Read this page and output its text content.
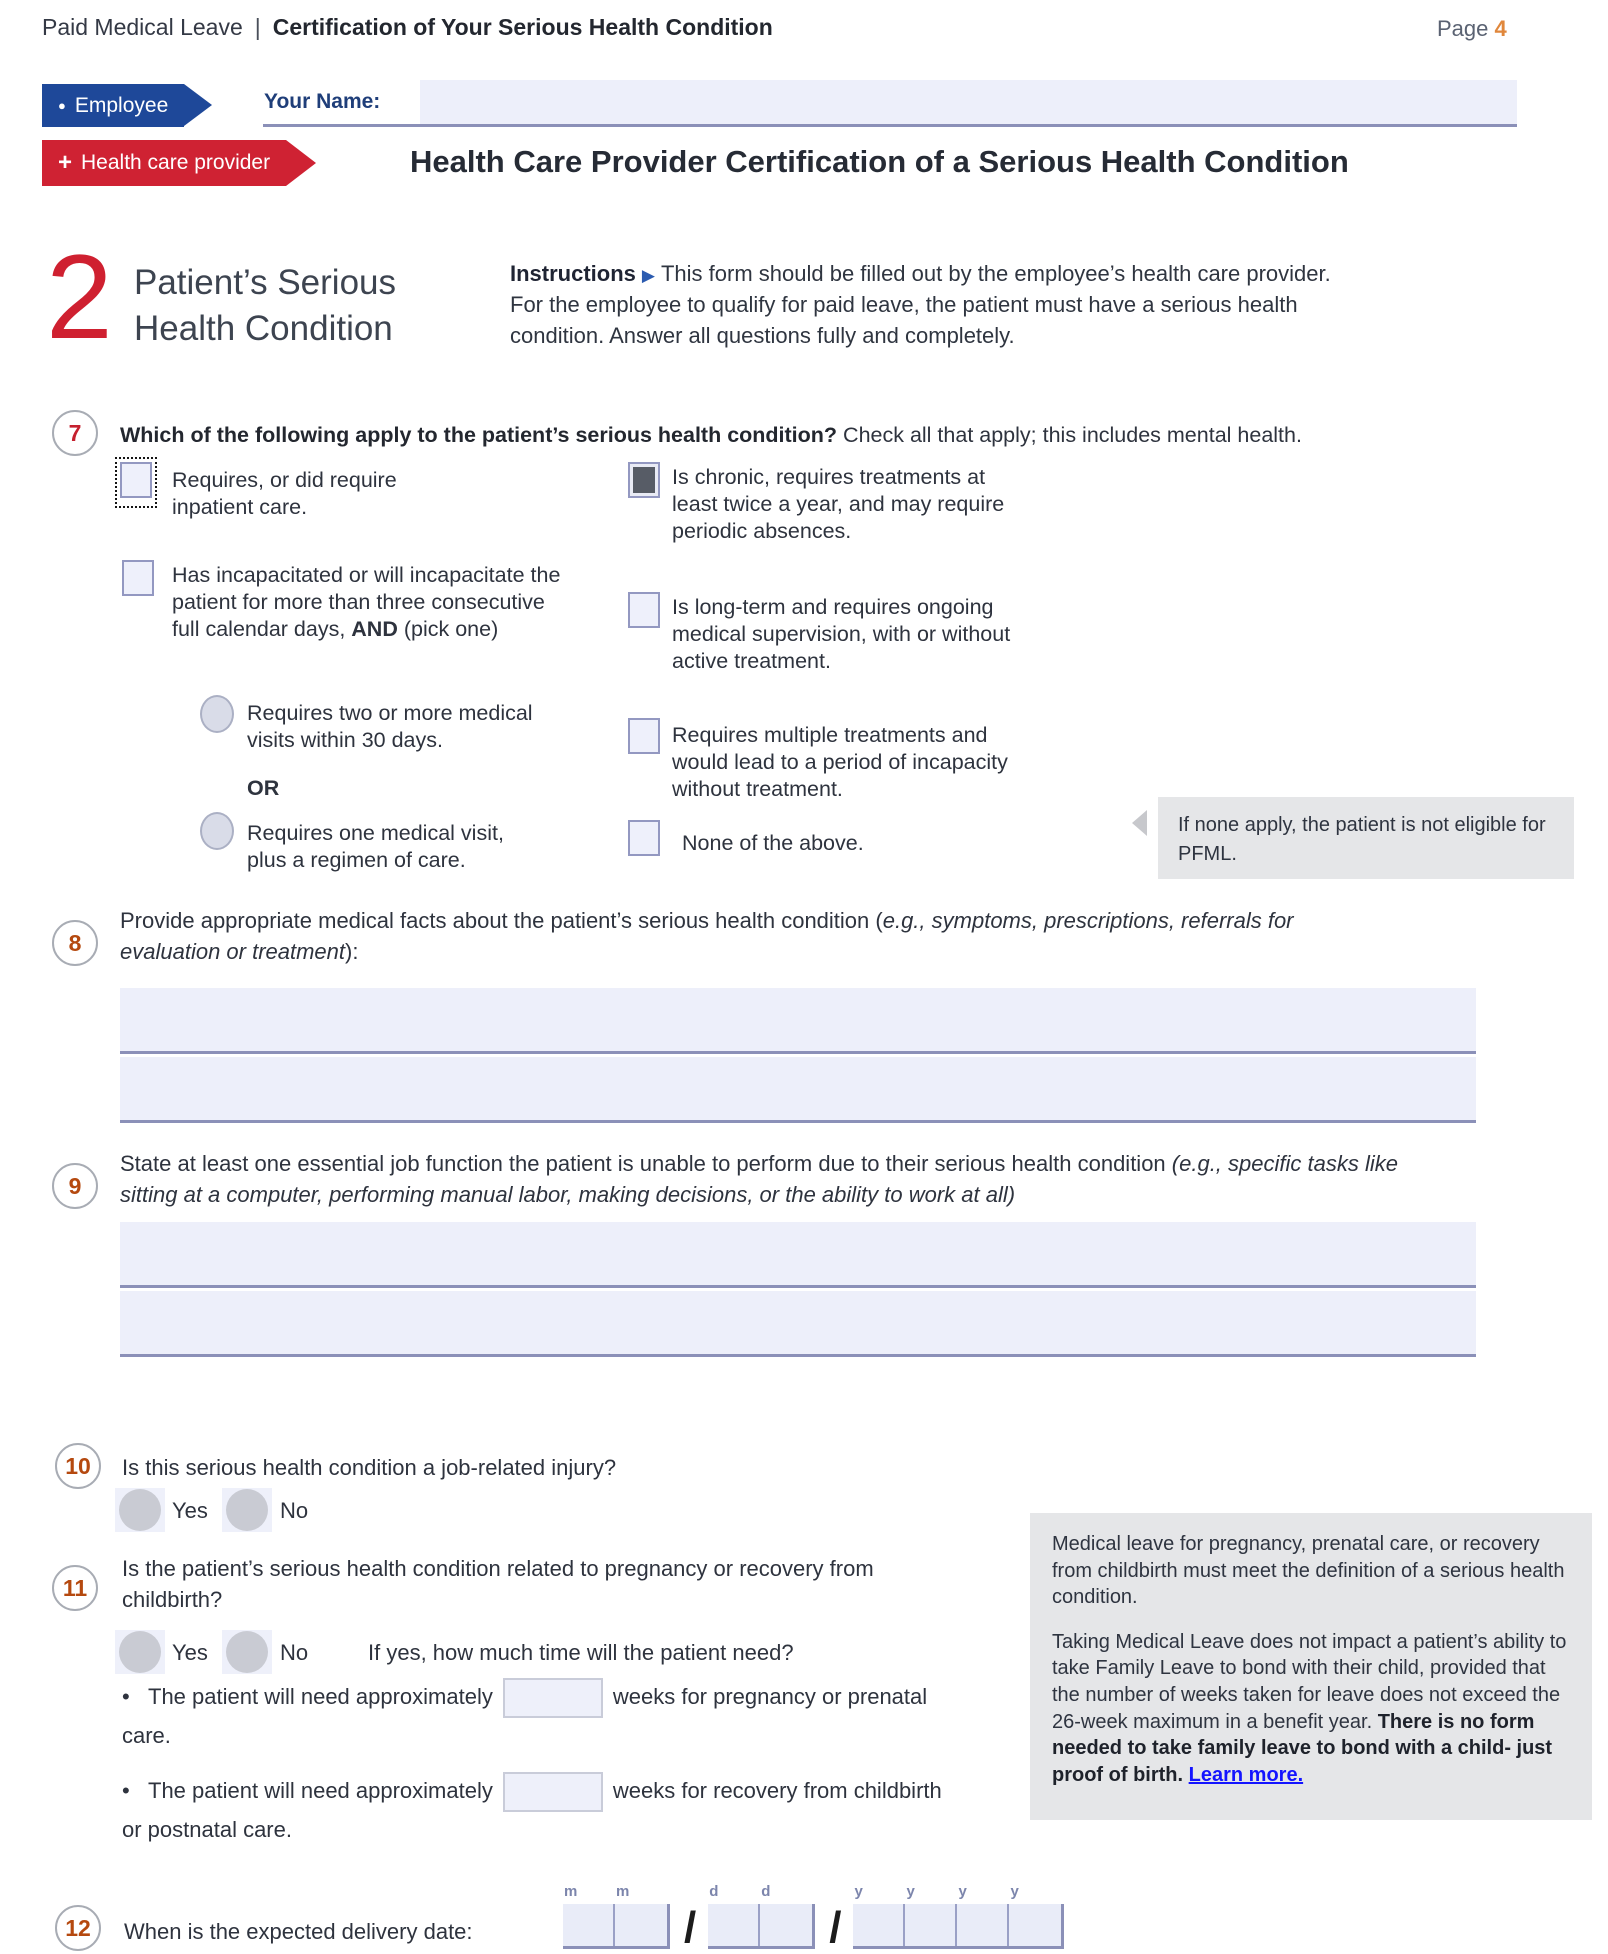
Paid Medical Leave | Certification of Your Serious Health Condition	Page 4
● Employee	Your Name:
+ Health care provider	Health Care Provider Certification of a Serious Health Condition
2 Patient’s Serious Health Condition
Instructions ▶ This form should be filled out by the employee’s health care provider. For the employee to qualify for paid leave, the patient must have a serious health condition. Answer all questions fully and completely.
7 Which of the following apply to the patient’s serious health condition? Check all that apply; this includes mental health.
Requires, or did require inpatient care.
Has incapacitated or will incapacitate the patient for more than three consecutive full calendar days, AND (pick one)
Requires two or more medical visits within 30 days.
OR
Requires one medical visit, plus a regimen of care.
Is chronic, requires treatments at least twice a year, and may require periodic absences.
Is long-term and requires ongoing medical supervision, with or without active treatment.
Requires multiple treatments and would lead to a period of incapacity without treatment.
None of the above.
If none apply, the patient is not eligible for PFML.
8
Provide appropriate medical facts about the patient’s serious health condition (e.g., symptoms, prescriptions, referrals for evaluation or treatment):
9
State at least one essential job function the patient is unable to perform due to their serious health condition (e.g., specific tasks like sitting at a computer, performing manual labor, making decisions, or the ability to work at all)
10 Is this serious health condition a job-related injury?
Yes	No
11
Is the patient’s serious health condition related to pregnancy or recovery from childbirth?
Yes	No	If yes, how much time will the patient need?
• The patient will need approximately	weeks for pregnancy or prenatal care.
• The patient will need approximately	weeks for recovery from childbirth or postnatal care.

Medical leave for pregnancy, prenatal care, or recovery from childbirth must meet the definition of a serious health condition.

Taking Medical Leave does not impact a patient’s ability to take Family Leave to bond with their child, provided that the number of weeks taken for leave does not exceed the 26-week maximum in a benefit year. There is no form needed to take family leave to bond with a child- just proof of birth. Learn more.

12 When is the expected delivery date:
m	m
/
d	d
/
y	y	y	y
